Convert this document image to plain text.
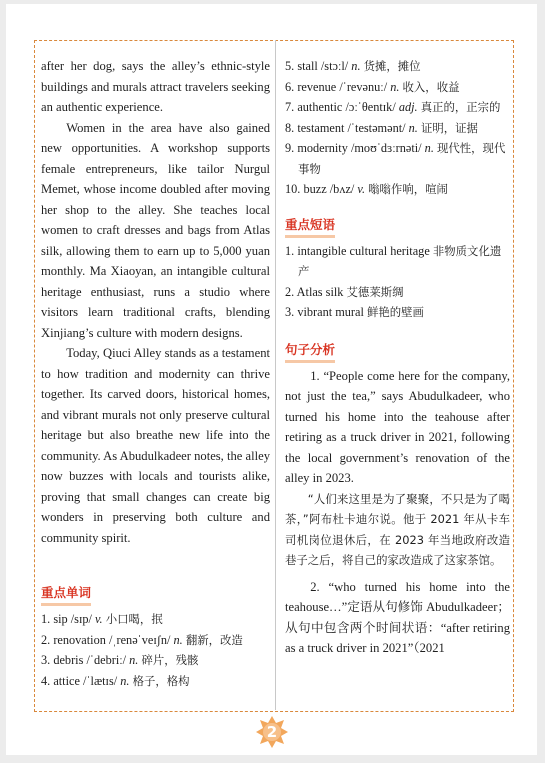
after her dog, says the alley’s ethnic-style buildings and murals attract travelers seeking an authentic experience.

Women in the area have also gained new opportunities. A workshop supports female entrepreneurs, like tailor Nurgul Memet, whose income doubled after moving her shop to the alley. She teaches local women to craft dresses and bags from Atlas silk, allowing them to earn up to 5,000 yuan monthly. Ma Xiaoyan, an intangible cultural heritage enthusiast, runs a studio where visitors learn traditional crafts, blending Xinjiang’s culture with modern designs.

Today, Qiuci Alley stands as a testament to how tradition and modernity can thrive together. Its carved doors, historical homes, and vibrant murals not only preserve cultural heritage but also breathe new life into the community. As Abudulkadeer notes, the alley now buzzes with locals and tourists alike, proving that small changes can create big wonders in preserving both culture and community spirit.

重点单词
1. sip /sɪp/ v. 小口喝，抿
2. renovation /ˌrenəˈveɪʃn/ n. 翻新，改造
3. debris /ˈdebriː/ n. 碎片，残骸
4. attice /ˈlætɪs/ n. 格子，格构
5. stall /stɔːl/ n. 货摊，摊位
6. revenue /ˈrevənuː/ n. 收入，收益
7. authentic /ɔːˈθentɪk/ adj. 真正的，正宗的
8. testament /ˈtestəmənt/ n. 证明，证据
9. modernity /moʊˈdɜːrnəti/ n. 现代性，现代事物
10. buzz /bʌz/ v. 嗡嗡作响，喧闹
重点短语
1. intangible cultural heritage 非物质文化遗产
2. Atlas silk 艾德莱斯绸
3. vibrant mural 鲜艳的壁画
句子分析

1. “People come here for the company, not just the tea,” says Abudulkadeer, who turned his home into the teahouse after retiring as a truck driver in 2021, following the local government’s renovation of the alley in 2023.

“人们来这里是为了聚聚，不只是为了喝茶，”阿布杜卡迪尔说。他于 2021 年从卡车司机岗位退休后，在 2023 年当地政府改造巷子之后，将自己的家改造成了这家茶馆。

2. “who turned his home into the teahouse…”定语从句修饰 Abudulkadeer；从句中包含两个时间状语：“after retiring as a truck driver in 2021”（2021

2
